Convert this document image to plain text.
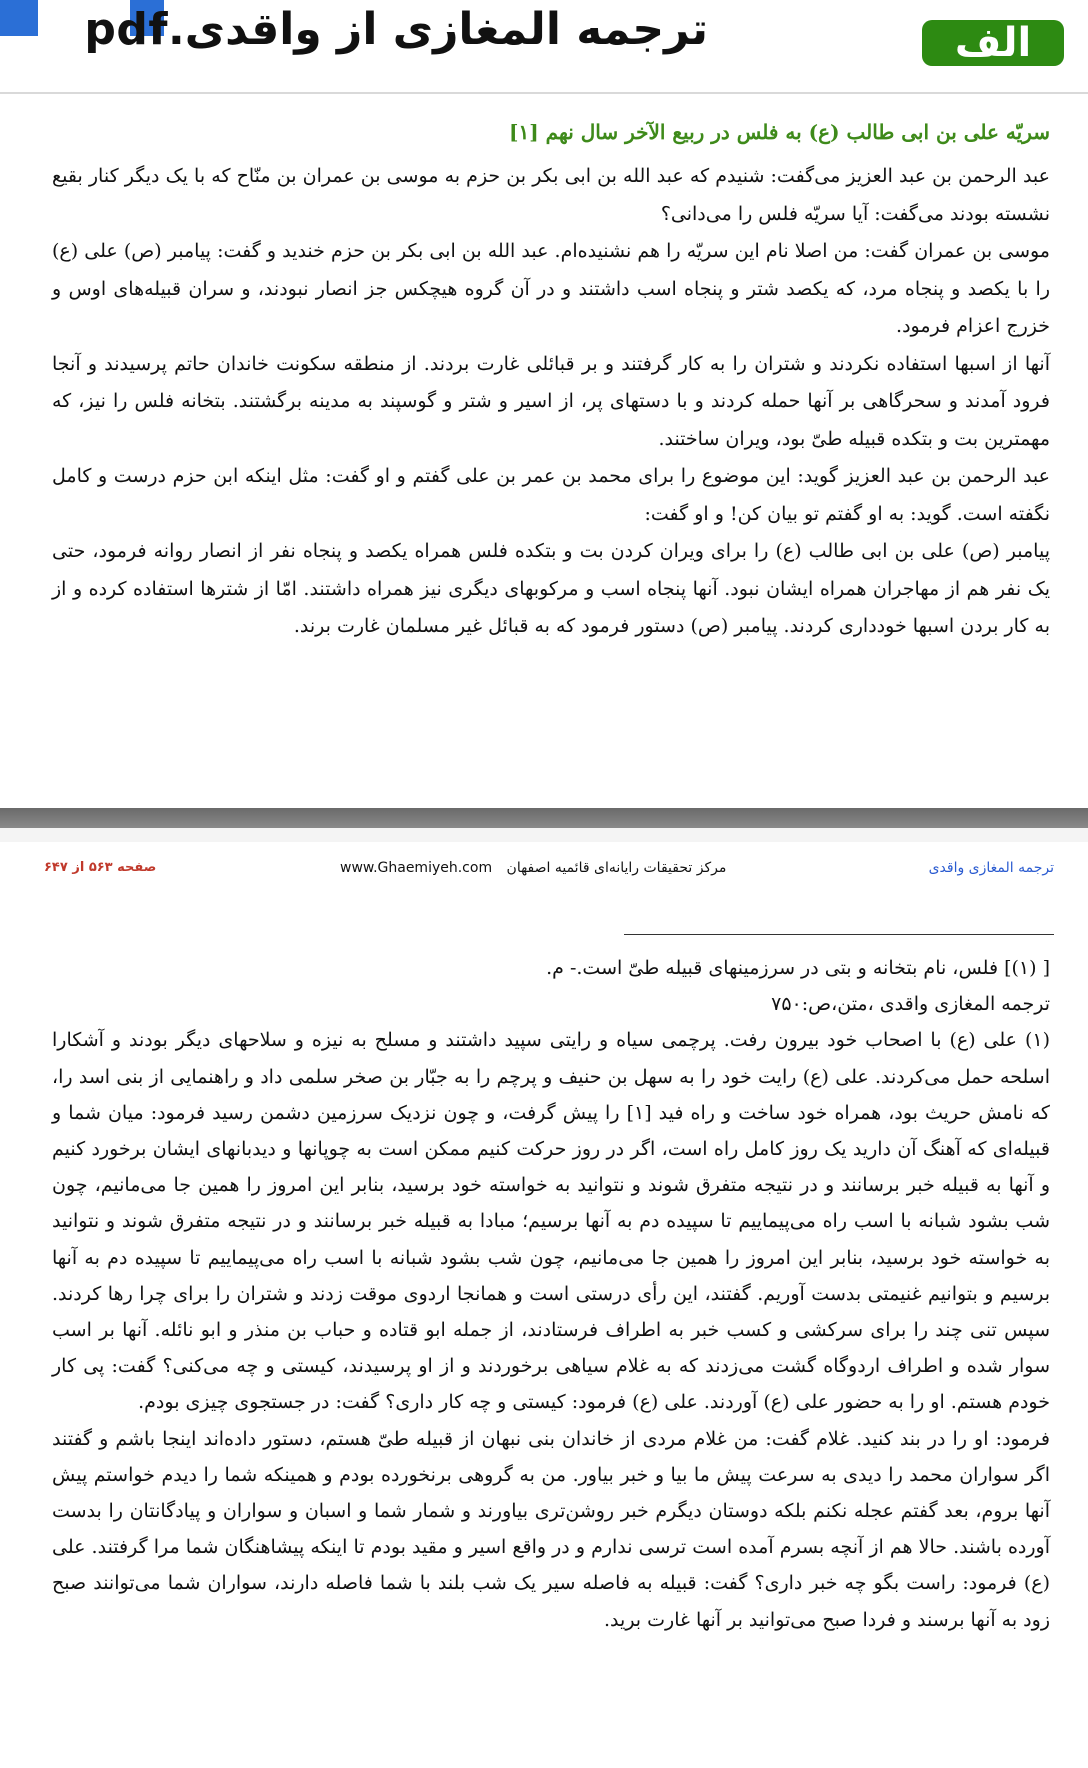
ترجمه المغازی از واقدی.pdf	الف
سریّه علی بن ابی طالب (ع) به فلس در ربیع الآخر سال نهم [۱]

عبد الرحمن بن عبد العزیز می‌گفت: شنیدم که عبد الله بن ابی بکر بن حزم به موسی بن عمران بن منّاح که با یک دیگر کنار بقیع نشسته بودند می‌گفت: آیا سریّه فلس را می‌دانی؟

موسی بن عمران گفت: من اصلا نام این سریّه را هم نشنیده‌ام. عبد الله بن ابی بکر بن حزم خندید و گفت: پیامبر (ص) علی (ع) را با یکصد و پنجاه مرد، که یکصد شتر و پنجاه اسب داشتند و در آن گروه هیچکس جز انصار نبودند، و سران قبیله‌های اوس و خزرج اعزام فرمود.

آنها از اسبها استفاده نکردند و شتران را به کار گرفتند و بر قبائلی غارت بردند. از منطقه سکونت خاندان حاتم پرسیدند و آنجا فرود آمدند و سحرگاهی بر آنها حمله کردند و با دستهای پر، از اسیر و شتر و گوسپند به مدینه برگشتند. بتخانه فلس را نیز، که مهمترین بت و بتکده قبیله طیّ بود، ویران ساختند.

عبد الرحمن بن عبد العزیز گوید: این موضوع را برای محمد بن عمر بن علی گفتم و او گفت: مثل اینکه ابن حزم درست و کامل نگفته است. گوید: به او گفتم تو بیان کن! و او گفت:

پیامبر (ص) علی بن ابی طالب (ع) را برای ویران کردن بت و بتکده فلس همراه یکصد و پنجاه نفر از انصار روانه فرمود، حتی یک نفر هم از مهاجران همراه ایشان نبود. آنها پنجاه اسب و مرکوبهای دیگری نیز همراه داشتند. امّا از شترها استفاده کرده و از به کار بردن اسبها خودداری کردند. پیامبر (ص) دستور فرمود که به قبائل غیر مسلمان غارت برند.

ترجمه المغازی واقدی
www.Ghaemiyeh.com مرکز تحقیقات رایانه‌ای قائمیه اصفهان
صفحه ۵۶۳ از ۶۴۷

[ (۱)] فلس، نام بتخانه و بتی در سرزمینهای قبیله طیّ است.- م.

ترجمه المغازی واقدی ،متن،ص:۷۵۰

(۱) علی (ع) با اصحاب خود بیرون رفت. پرچمی سیاه و رایتی سپید داشتند و مسلح به نیزه و سلاحهای دیگر بودند و آشکارا اسلحه حمل می‌کردند. علی (ع) رایت خود را به سهل بن حنیف و پرچم را به جبّار بن صخر سلمی داد و راهنمایی از بنی اسد را، که نامش حریث بود، همراه خود ساخت و راه فید [۱] را پیش گرفت، و چون نزدیک سرزمین دشمن رسید فرمود: میان شما و قبیله‌ای که آهنگ آن دارید یک روز کامل راه است، اگر در روز حرکت کنیم ممکن است به چوپانها و دیدبانهای ایشان برخورد کنیم و آنها به قبیله خبر برسانند و در نتیجه متفرق شوند و نتوانید به خواسته خود برسید، بنابر این امروز را همین جا می‌مانیم، چون شب بشود شبانه با اسب راه می‌پیماییم تا سپیده دم به آنها برسیم؛ مبادا به قبیله خبر برسانند و در نتیجه متفرق شوند و نتوانید به خواسته خود برسید، بنابر این امروز را همین جا می‌مانیم، چون شب بشود شبانه با اسب راه می‌پیماییم تا سپیده دم به آنها برسیم و بتوانیم غنیمتی بدست آوریم. گفتند، این رأی درستی است و همانجا اردوی موقت زدند و شتران را برای چرا رها کردند. سپس تنی چند را برای سرکشی و کسب خبر به اطراف فرستادند، از جمله ابو قتاده و حباب بن منذر و ابو نائله. آنها بر اسب سوار شده و اطراف اردوگاه گشت می‌زدند که به غلام سیاهی برخوردند و از او پرسیدند، کیستی و چه می‌کنی؟ گفت: پی کار خودم هستم. او را به حضور علی (ع) آوردند. علی (ع) فرمود: کیستی و چه کار داری؟ گفت: در جستجوی چیزی بودم.

فرمود: او را در بند کنید. غلام گفت: من غلام مردی از خاندان بنی نبهان از قبیله طیّ هستم، دستور داده‌اند اینجا باشم و گفتند اگر سواران محمد را دیدی به سرعت پیش ما بیا و خبر بیاور. من به گروهی برنخورده بودم و همینکه شما را دیدم خواستم پیش آنها بروم، بعد گفتم عجله نکنم بلکه دوستان دیگرم خبر روشن‌تری بیاورند و شمار شما و اسبان و سواران و پیادگانتان را بدست آورده باشند. حالا هم از آنچه بسرم آمده است ترسی ندارم و در واقع اسیر و مقید بودم تا اینکه پیشاهنگان شما مرا گرفتند. علی (ع) فرمود: راست بگو چه خبر داری؟ گفت: قبیله به فاصله سیر یک شب بلند با شما فاصله دارند، سواران شما می‌توانند صبح زود به آنها برسند و فردا صبح می‌توانید بر آنها غارت برید.
